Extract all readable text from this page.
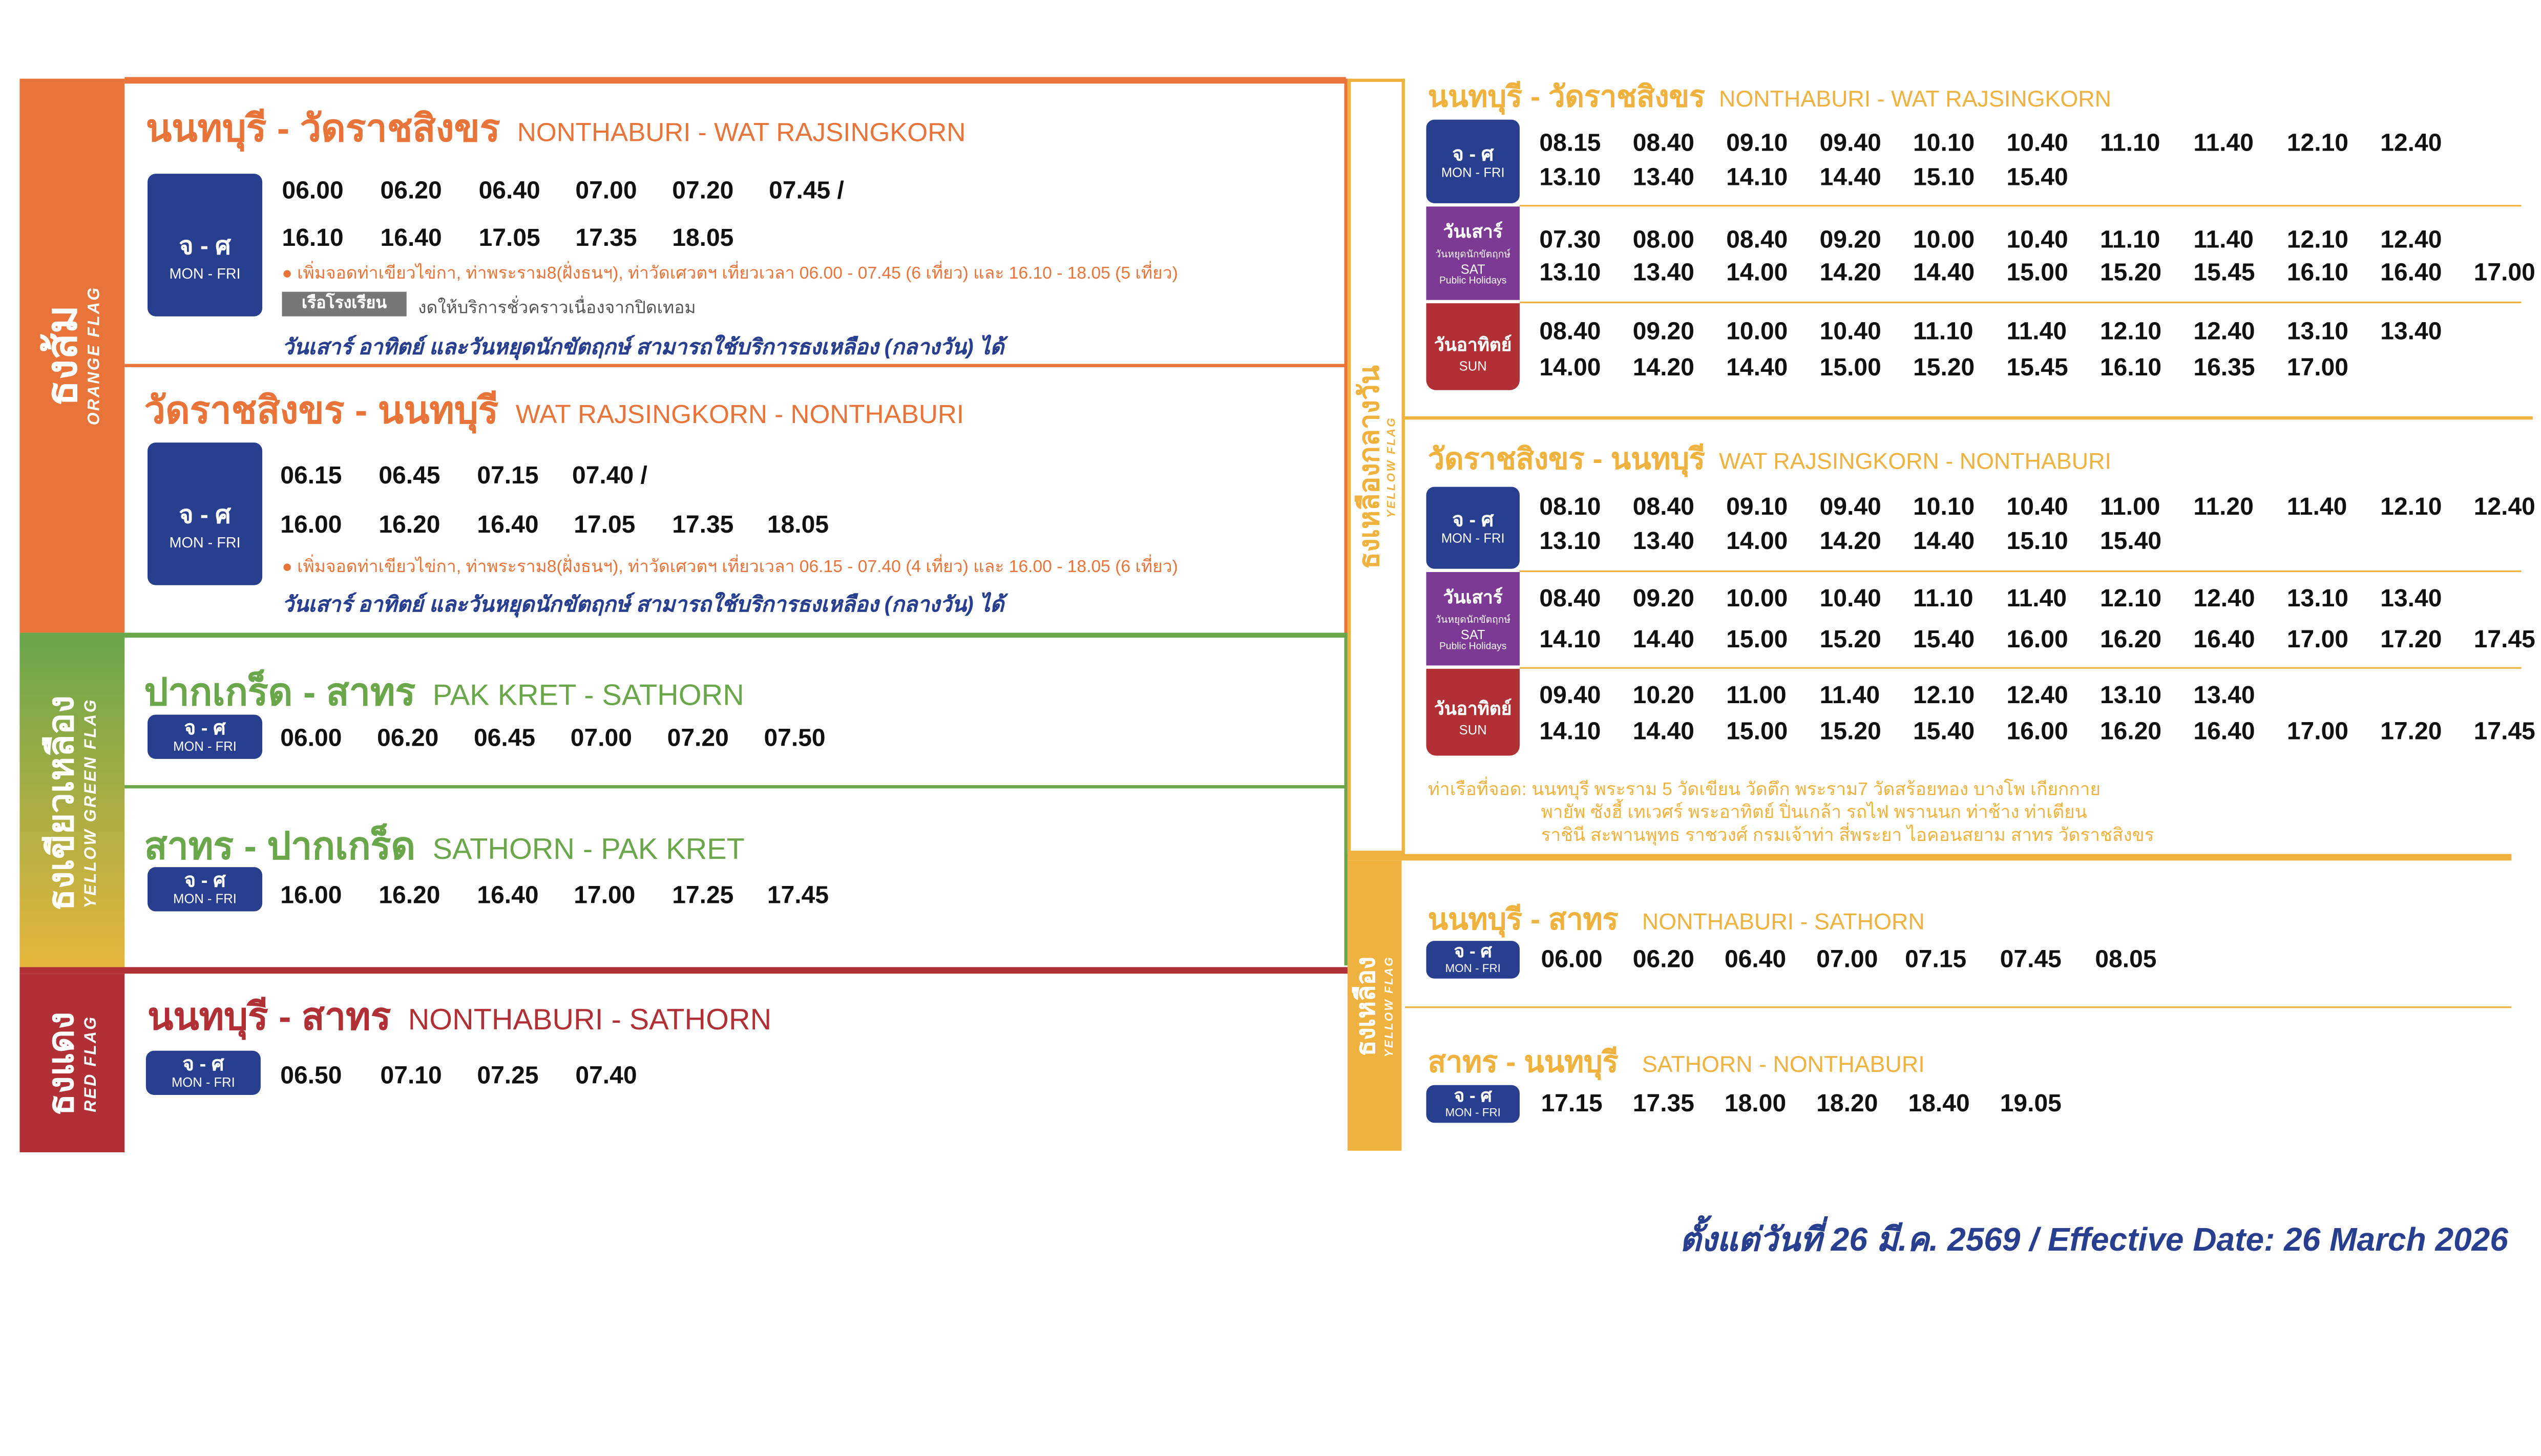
ธงส้ม ORANGE FLAG
นนทบุรี - วัดราชสิงขร NONTHABURI - WAT RAJSINGKORN
จ - ศ
MON - FRI
06.00	06.20	06.40	07.00	07.20	07.45 /
16.10	16.40	17.05	17.35	18.05
● เพิ่มจอดท่าเขียวไข่กา, ท่าพระราม8(ฝั่งธนฯ), ท่าวัดเศวตฯ เที่ยวเวลา 06.00 - 07.45 (6 เที่ยว) และ 16.10 - 18.05 (5 เที่ยว)
เรือโรงเรียน	งดให้บริการชั่วคราวเนื่องจากปิดเทอม
วันเสาร์ อาทิตย์ และวันหยุดนักขัตฤกษ์ สามารถใช้บริการธงเหลือง (กลางวัน) ได้
วัดราชสิงขร - นนทบุรี WAT RAJSINGKORN - NONTHABURI
จ - ศ
MON - FRI
06.15	06.45	07.15	07.40 /
16.00	16.20	16.40	17.05	17.35	18.05
● เพิ่มจอดท่าเขียวไข่กา, ท่าพระราม8(ฝั่งธนฯ), ท่าวัดเศวตฯ เที่ยวเวลา 06.15 - 07.40 (4 เที่ยว) และ 16.00 - 18.05 (6 เที่ยว)
วันเสาร์ อาทิตย์ และวันหยุดนักขัตฤกษ์ สามารถใช้บริการธงเหลือง (กลางวัน) ได้
ธงเขียวเหลือง YELLOW GREEN FLAG
ปากเกร็ด - สาทร PAK KRET - SATHORN
จ - ศ
MON - FRI	06.00	06.20	06.45	07.00	07.20	07.50
สาทร - ปากเกร็ด SATHORN - PAK KRET
จ - ศ
MON - FRI	16.00	16.20	16.40	17.00	17.25	17.45
ธงแดง RED FLAG	นนทบุรี - สาทร NONTHABURI - SATHORN
จ - ศ
MON - FRI	06.50	07.10	07.25	07.40
ธงเหลืองกลางวัน YELLOW FLAG
นนทบุรี - วัดราชสิงขร NONTHABURI - WAT RAJSINGKORN
จ - ศ
MON - FRI
08.15	08.40	09.10	09.40	10.10	10.40	11.10	11.40	12.10	12.40
13.10	13.40	14.10	14.40	15.10	15.40
วันเสาร์
วันหยุดนักขัตฤกษ์
SAT
Public Holidays
07.30	08.00	08.40	09.20	10.00	10.40	11.10	11.40	12.10	12.40
13.10	13.40	14.00	14.20	14.40	15.00	15.20	15.45	16.10	16.40	17.00
วันอาทิตย์
SUN
08.40	09.20	10.00	10.40	11.10	11.40	12.10	12.40	13.10	13.40
14.00	14.20	14.40	15.00	15.20	15.45	16.10	16.35	17.00
วัดราชสิงขร - นนทบุรี WAT RAJSINGKORN - NONTHABURI
จ - ศ
MON - FRI
08.10	08.40	09.10	09.40	10.10	10.40	11.00	11.20	11.40	12.10	12.40
13.10	13.40	14.00	14.20	14.40	15.10	15.40
วันเสาร์
วันหยุดนักขัตฤกษ์
SAT
Public Holidays
08.40	09.20	10.00	10.40	11.10	11.40	12.10	12.40	13.10	13.40
14.10	14.40	15.00	15.20	15.40	16.00	16.20	16.40	17.00	17.20	17.45
วันอาทิตย์
SUN
09.40	10.20	11.00	11.40	12.10	12.40	13.10	13.40
14.10	14.40	15.00	15.20	15.40	16.00	16.20	16.40	17.00	17.20	17.45
ท่าเรือที่จอด: นนทบุรี พระราม 5 วัดเขียน วัดตึก พระราม7 วัดสร้อยทอง บางโพ เกียกกาย
พายัพ ซังฮี้ เทเวศร์ พระอาทิตย์ ปิ่นเกล้า รถไฟ พรานนก ท่าช้าง ท่าเตียน
ราชินี สะพานพุทธ ราชวงศ์ กรมเจ้าท่า สี่พระยา ไอคอนสยาม สาทร วัดราชสิงขร
ธงเหลือง YELLOW FLAG
นนทบุรี - สาทร	NONTHABURI - SATHORN
จ - ศ
MON - FRI	06.00	06.20	06.40	07.00	07.15	07.45	08.05
สาทร - นนทบุรี	SATHORN - NONTHABURI
จ - ศ
MON - FRI	17.15	17.35	18.00	18.20	18.40	19.05
ตั้งแต่วันที่ 26 มี.ค. 2569 / Effective Date: 26 March 2026
